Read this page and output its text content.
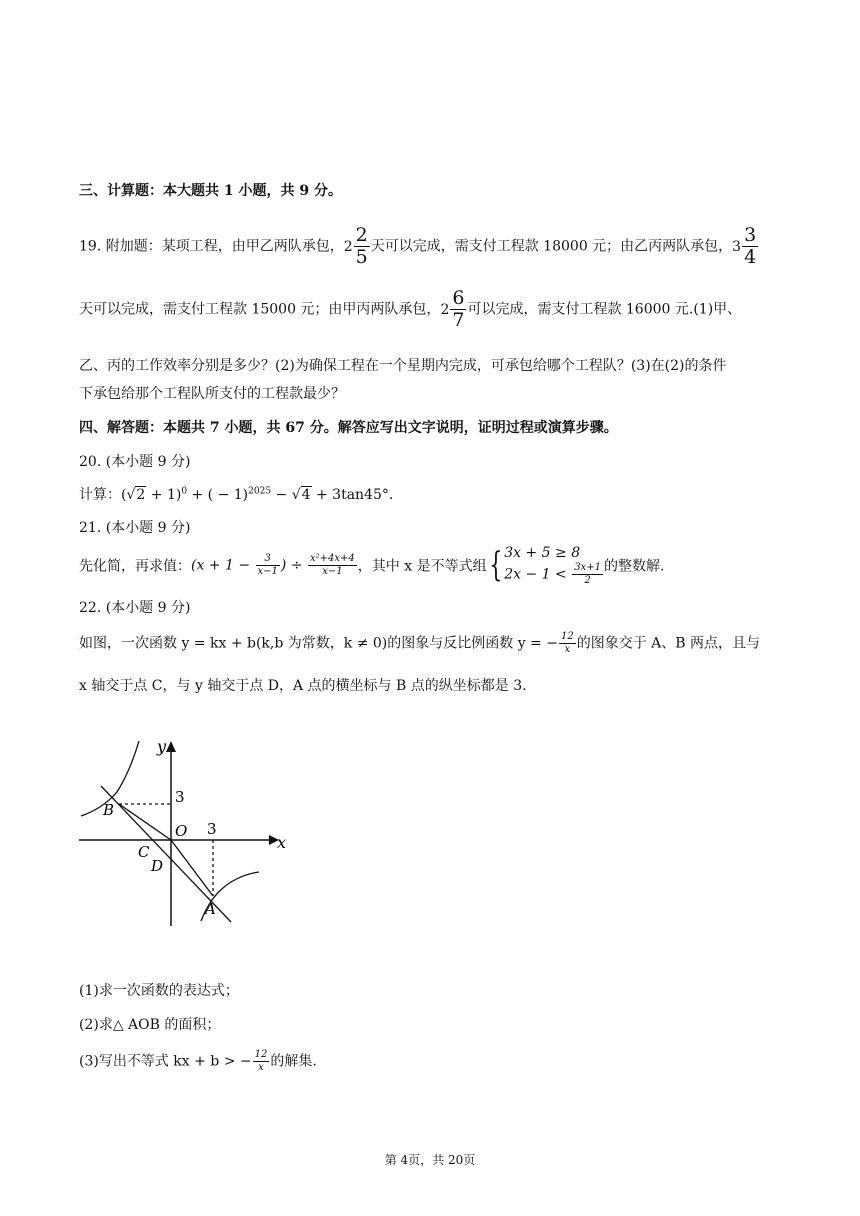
三、计算题：本大题共 1 小题，共 9 分。
19. 附加题：某项工程，由甲乙两队承包，$2 \frac{2}{5}$ 天可以完成，需支付工程款 18000 元；由乙丙两队承包，$3 \frac{3}{4}$
天可以完成，需支付工程款 15000 元；由甲丙两队承包，$2 \frac{6}{7}$ 可以完成，需支付工程款 16000 元.(1)甲、
乙、丙的工作效率分别是多少？(2)为确保工程在一个星期内完成，可承包给哪个工程队？(3)在(2)的条件
下承包给那个工程队所支付的工程款最少？
四、解答题：本题共 7 小题，共 67 分。解答应写出文字说明，证明过程或演算步骤。
20. (本小题 9 分)
计算：$(√2 + 1)^0$ + ( − 1)$^{2025}$ − √4 + 3tan45°.
21. (本小题 9 分)
先化简，再求值：($x + 1 - \frac{3}{x-1}$ ) ÷ $\frac{\text{x²+4x+4}}{x-1}$ ，其中 x 是不等式组{ 3x + 5 ≥ 8
$2x - 1 < \frac{3x+1}{2}$ 的整数解.
22. (本小题 9 分)
如图，一次函数 y = kx + b(k,b 为常数，k ≠ 0)的图象与反比例函数 y = − $\frac{12}{x}$ 的图象交于 A、B 两点，且与
x 轴交于点 C，与 y 轴交于点 D，A 点的横坐标与 B 点的纵坐标都是 3.
y
x
O
3
3
B
C
D
A
(1)求一次函数的表达式；
(2)求△ AOB 的面积；
(3)写出不等式 kx + b > − $\frac{12}{x}$ 的解集.
第 4页，共 20页
